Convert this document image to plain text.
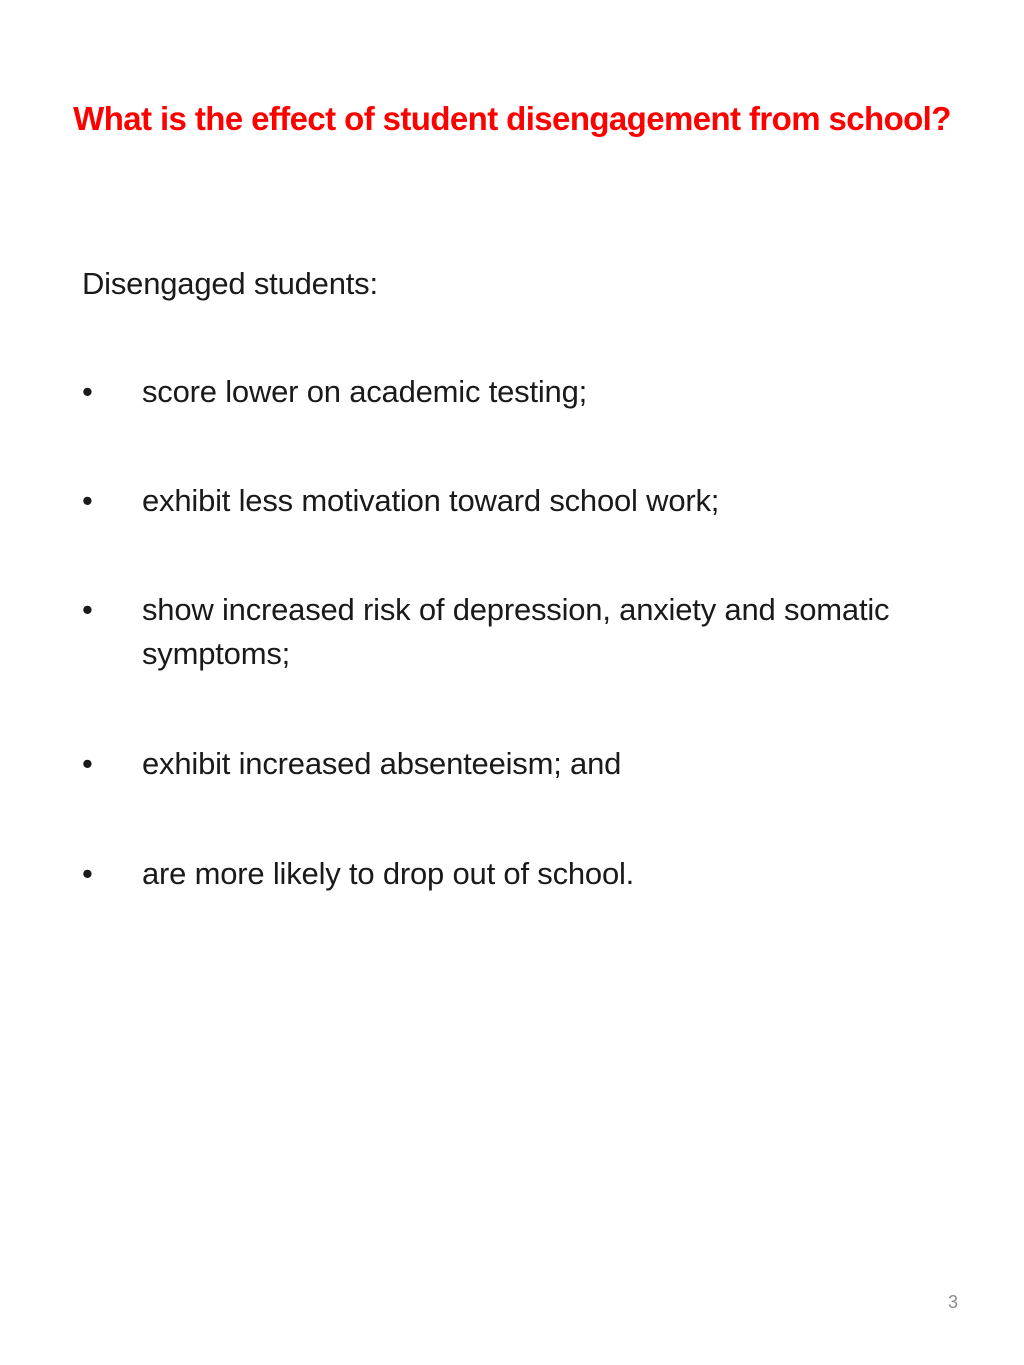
What is the effect of student disengagement from school?

Disengaged students:

•	score lower on academic testing;
•	exhibit less motivation toward school work;
•	show increased risk of depression, anxiety and somatic symptoms;
•	exhibit increased absenteeism; and
•	are more likely to drop out of school.
3
